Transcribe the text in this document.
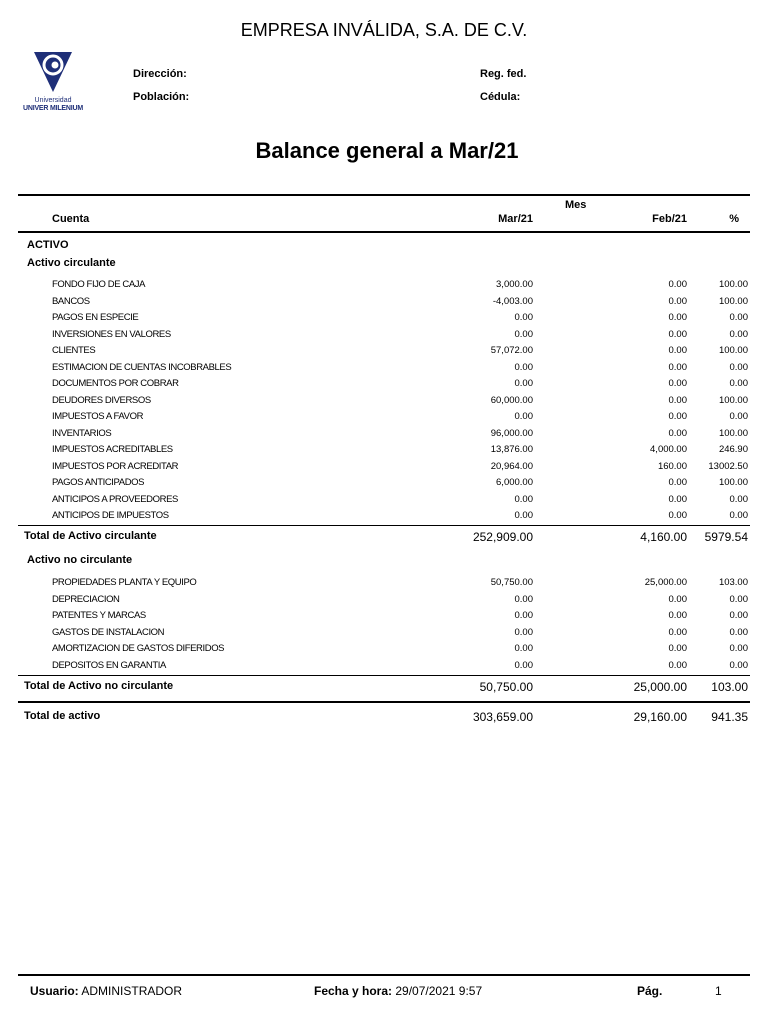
EMPRESA INVÁLIDA, S.A. DE C.V.
Universidad
UNIVER MILENIUM
Dirección:
Población:
Reg. fed.
Cédula:
Balance general a Mar/21
Mes
Cuenta	Mar/21	Feb/21	%
ACTIVO
Activo circulante
FONDO FIJO DE CAJA	3,000.00	0.00	100.00
BANCOS	-4,003.00	0.00	100.00
PAGOS EN ESPECIE	0.00	0.00	0.00
INVERSIONES EN VALORES	0.00	0.00	0.00
CLIENTES	57,072.00	0.00	100.00
ESTIMACION DE CUENTAS INCOBRABLES	0.00	0.00	0.00
DOCUMENTOS POR COBRAR	0.00	0.00	0.00
DEUDORES DIVERSOS	60,000.00	0.00	100.00
IMPUESTOS A FAVOR	0.00	0.00	0.00
INVENTARIOS	96,000.00	0.00	100.00
IMPUESTOS ACREDITABLES	13,876.00	4,000.00	246.90
IMPUESTOS POR ACREDITAR	20,964.00	160.00 13002.50
PAGOS ANTICIPADOS	6,000.00	0.00	100.00
ANTICIPOS A PROVEEDORES	0.00	0.00	0.00
ANTICIPOS DE IMPUESTOS	0.00	0.00	0.00
Total de Activo circulante	252,909.00	4,160.00 5979.54
Activo no circulante
PROPIEDADES PLANTA Y EQUIPO	50,750.00	25,000.00	103.00
DEPRECIACION	0.00	0.00	0.00
PATENTES Y MARCAS	0.00	0.00	0.00
GASTOS DE INSTALACION	0.00	0.00	0.00
AMORTIZACION DE GASTOS DIFERIDOS	0.00	0.00	0.00
DEPOSITOS EN GARANTIA	0.00	0.00	0.00
Total de Activo no circulante	50,750.00	25,000.00 103.00
Total de activo	303,659.00	29,160.00 941.35
Usuario: ADMINISTRADOR	Fecha y hora: 29/07/2021 9:57	Pág.	1
